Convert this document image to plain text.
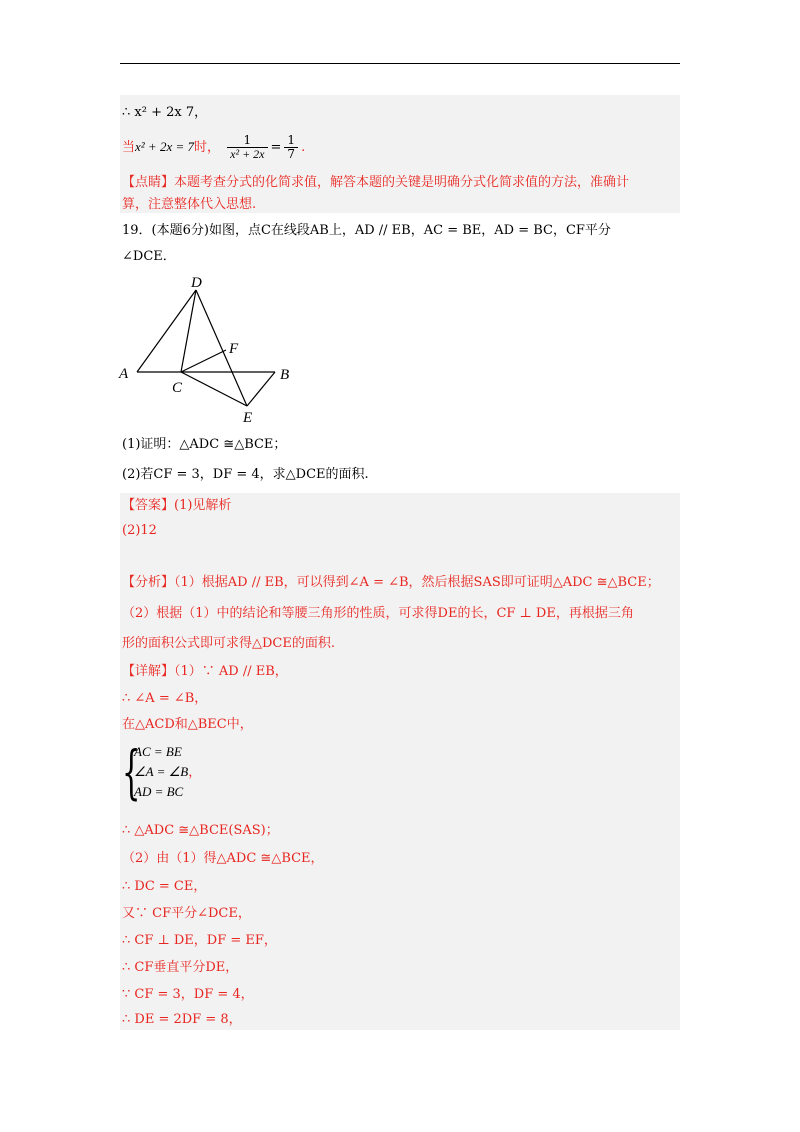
∴ x² + 2x 7，
当x² + 2x = 7时， $\frac{1}{\text{x² + 2x}} = \frac{1}{7}$ .
【点睛】本题考查分式的化简求值，解答本题的关键是明确分式化简求值的方法，准确计
算，注意整体代入思想.
19．(本题6分)如图，点C在线段AB上，AD // EB，AC = BE，AD = BC，CF平分
∠DCE．
A
D
F
C
B
E
(1)证明：△ADC ≅△BCE；
(2)若CF = 3，DF = 4，求△DCE的面积.
【答案】(1)见解析
(2)12
【分析】（1）根据AD // EB，可以得到∠A = ∠B，然后根据SAS即可证明△ADC ≅△BCE；
（2）根据（1）中的结论和等腰三角形的性质，可求得DE的长，CF ⊥ DE，再根据三角
形的面积公式即可求得△DCE的面积.
【详解】（1）∵ AD // EB，
∴ ∠A = ∠B，
在△ACD和△BEC中，
{
AC = BE
∠A = ∠B，
AD = BC
∴ △ADC ≅△BCE(SAS)；
（2）由（1）得△ADC ≅△BCE，
∴ DC = CE，
又∵ CF平分∠DCE，
∴ CF ⊥ DE，DF = EF，
∴ CF垂直平分DE，
∵ CF = 3，DF = 4，
∴ DE = 2DF = 8，
